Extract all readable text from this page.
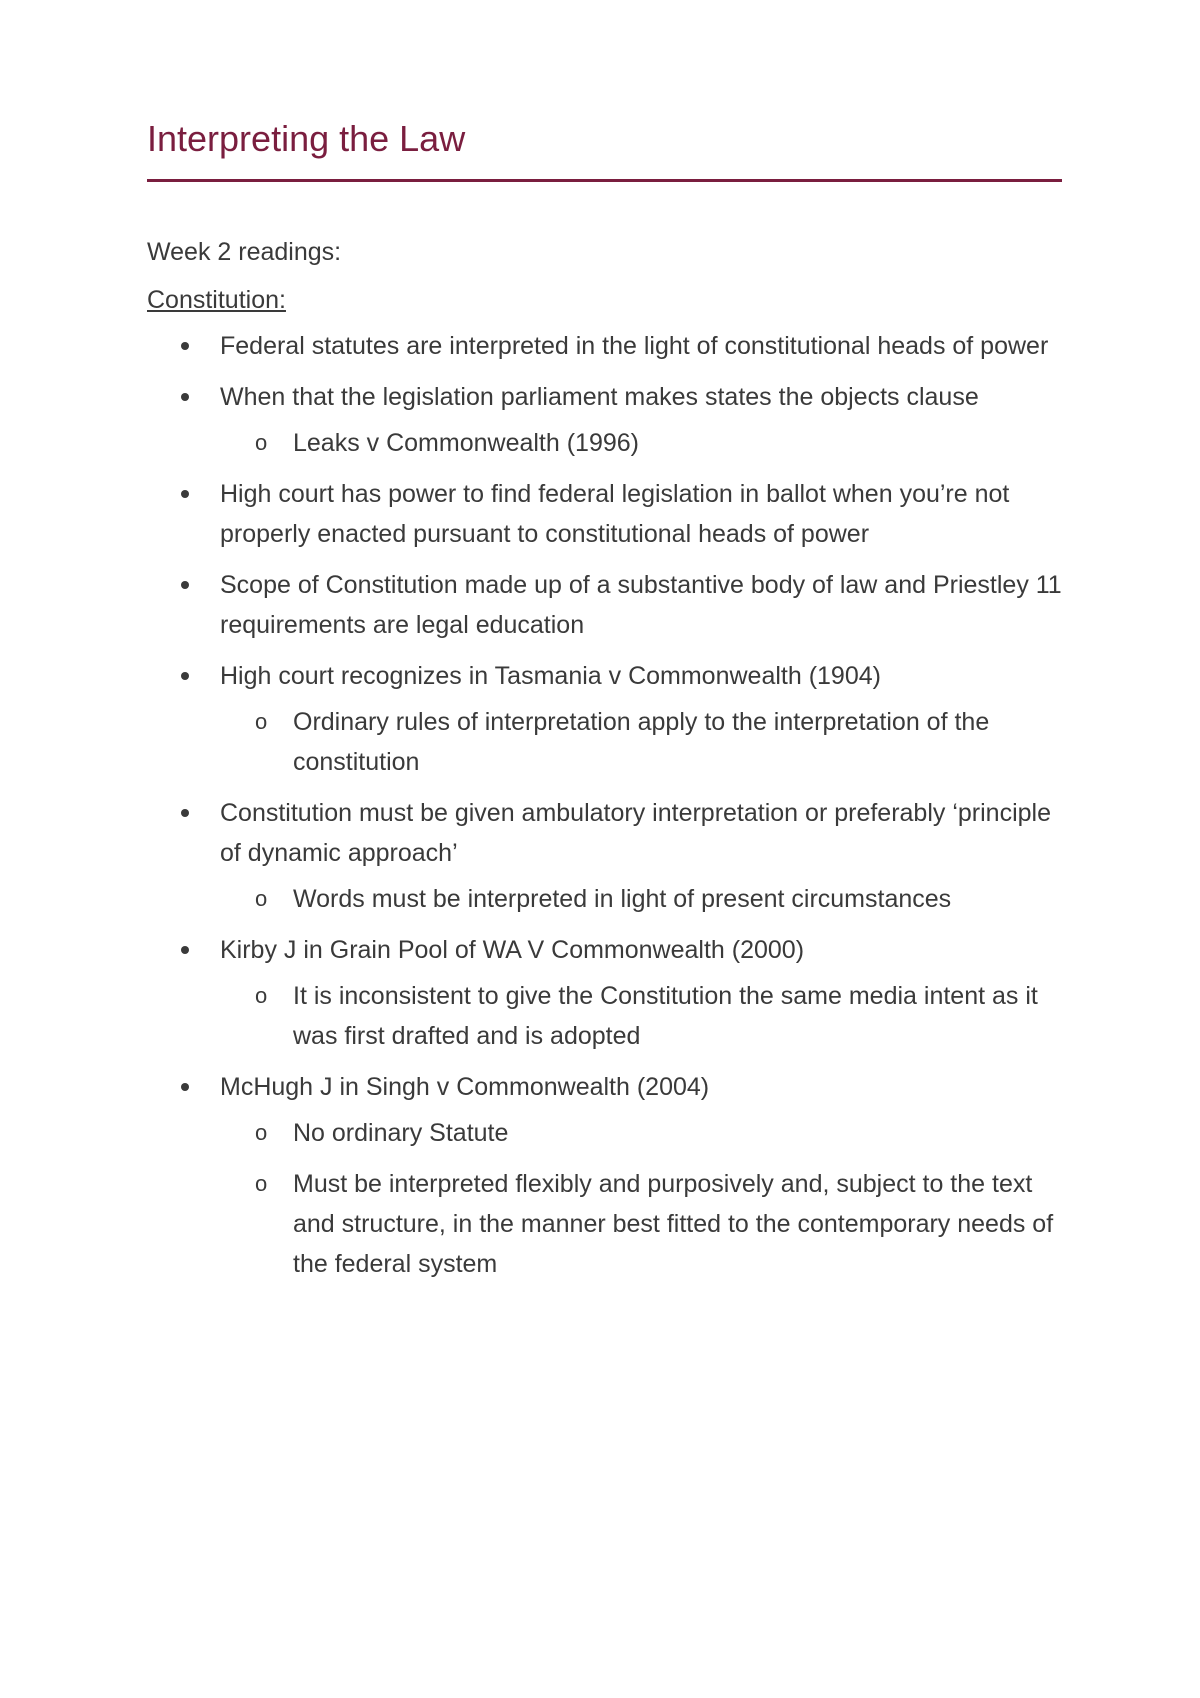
Interpreting the Law

Week 2 readings:

Constitution:

Federal statutes are interpreted in the light of constitutional heads of power
When that the legislation parliament makes states the objects clause
o Leaks v Commonwealth (1996)
High court has power to find federal legislation in ballot when you’re not properly enacted pursuant to constitutional heads of power
Scope of Constitution made up of a substantive body of law and Priestley 11 requirements are legal education
High court recognizes in Tasmania v Commonwealth (1904)
o Ordinary rules of interpretation apply to the interpretation of the constitution
Constitution must be given ambulatory interpretation or preferably ‘principle of dynamic approach’
o Words must be interpreted in light of present circumstances
Kirby J in Grain Pool of WA V Commonwealth (2000)
o It is inconsistent to give the Constitution the same media intent as it was first drafted and is adopted
McHugh J in Singh v Commonwealth (2004)
o No ordinary Statute
o Must be interpreted flexibly and purposively and, subject to the text and structure, in the manner best fitted to the contemporary needs of the federal system
